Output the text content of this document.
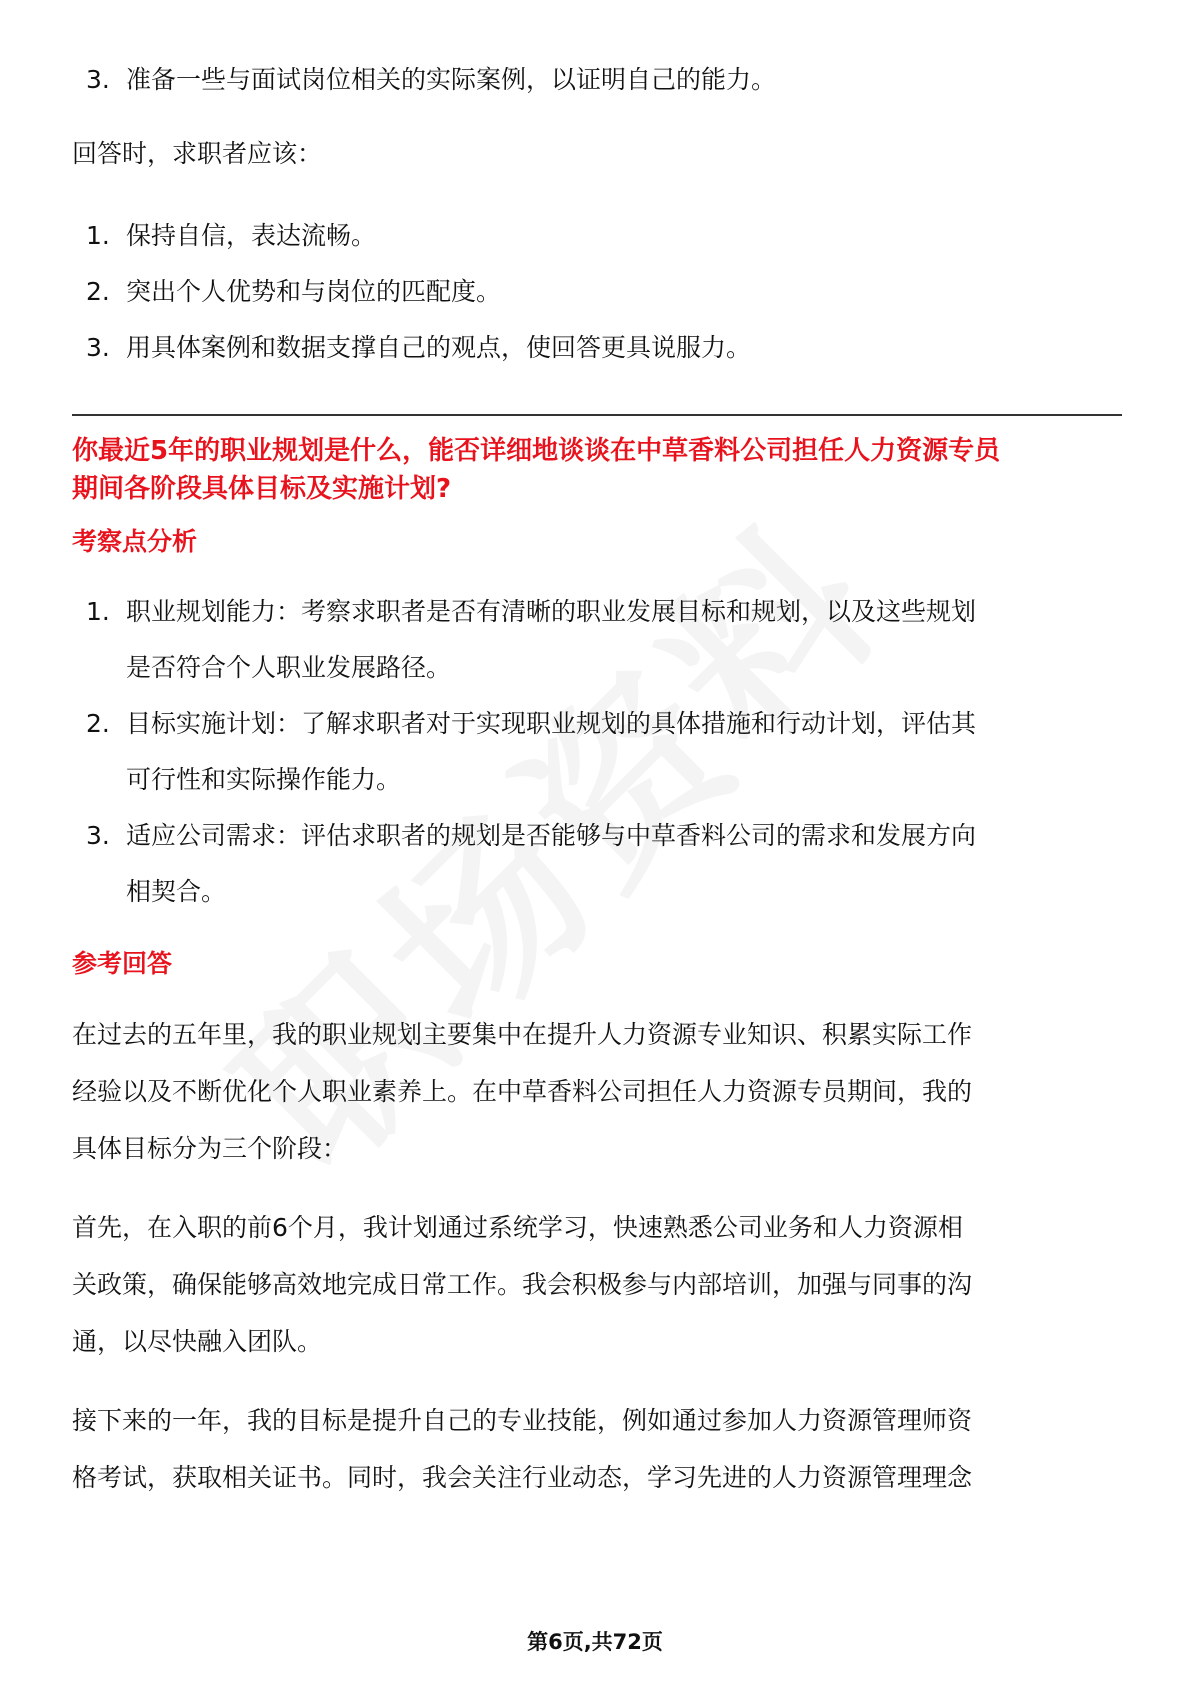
3. 准备一些与面试岗位相关的实际案例，以证明自己的能力。

回答时，求职者应该：

1. 保持自信，表达流畅。
2. 突出个人优势和与岗位的匹配度。
3. 用具体案例和数据支撑自己的观点，使回答更具说服力。

你最近5年的职业规划是什么，能否详细地谈谈在中草香料公司担任人力资源专员

期间各阶段具体目标及实施计划?

考察点分析

1. 职业规划能力：考察求职者是否有清晰的职业发展目标和规划，以及这些规划
是否符合个人职业发展路径。
2. 目标实施计划：了解求职者对于实现职业规划的具体措施和行动计划，评估其
可行性和实际操作能力。
3. 适应公司需求：评估求职者的规划是否能够与中草香料公司的需求和发展方向
相契合。

参考回答

在过去的五年里，我的职业规划主要集中在提升人力资源专业知识、积累实际工作

经验以及不断优化个人职业素养上。在中草香料公司担任人力资源专员期间，我的

具体目标分为三个阶段：

首先，在入职的前6个月，我计划通过系统学习，快速熟悉公司业务和人力资源相

关政策，确保能够高效地完成日常工作。我会积极参与内部培训，加强与同事的沟

通，以尽快融入团队。

接下来的一年，我的目标是提升自己的专业技能，例如通过参加人力资源管理师资

格考试，获取相关证书。同时，我会关注行业动态，学习先进的人力资源管理理念

第6页,共72页
